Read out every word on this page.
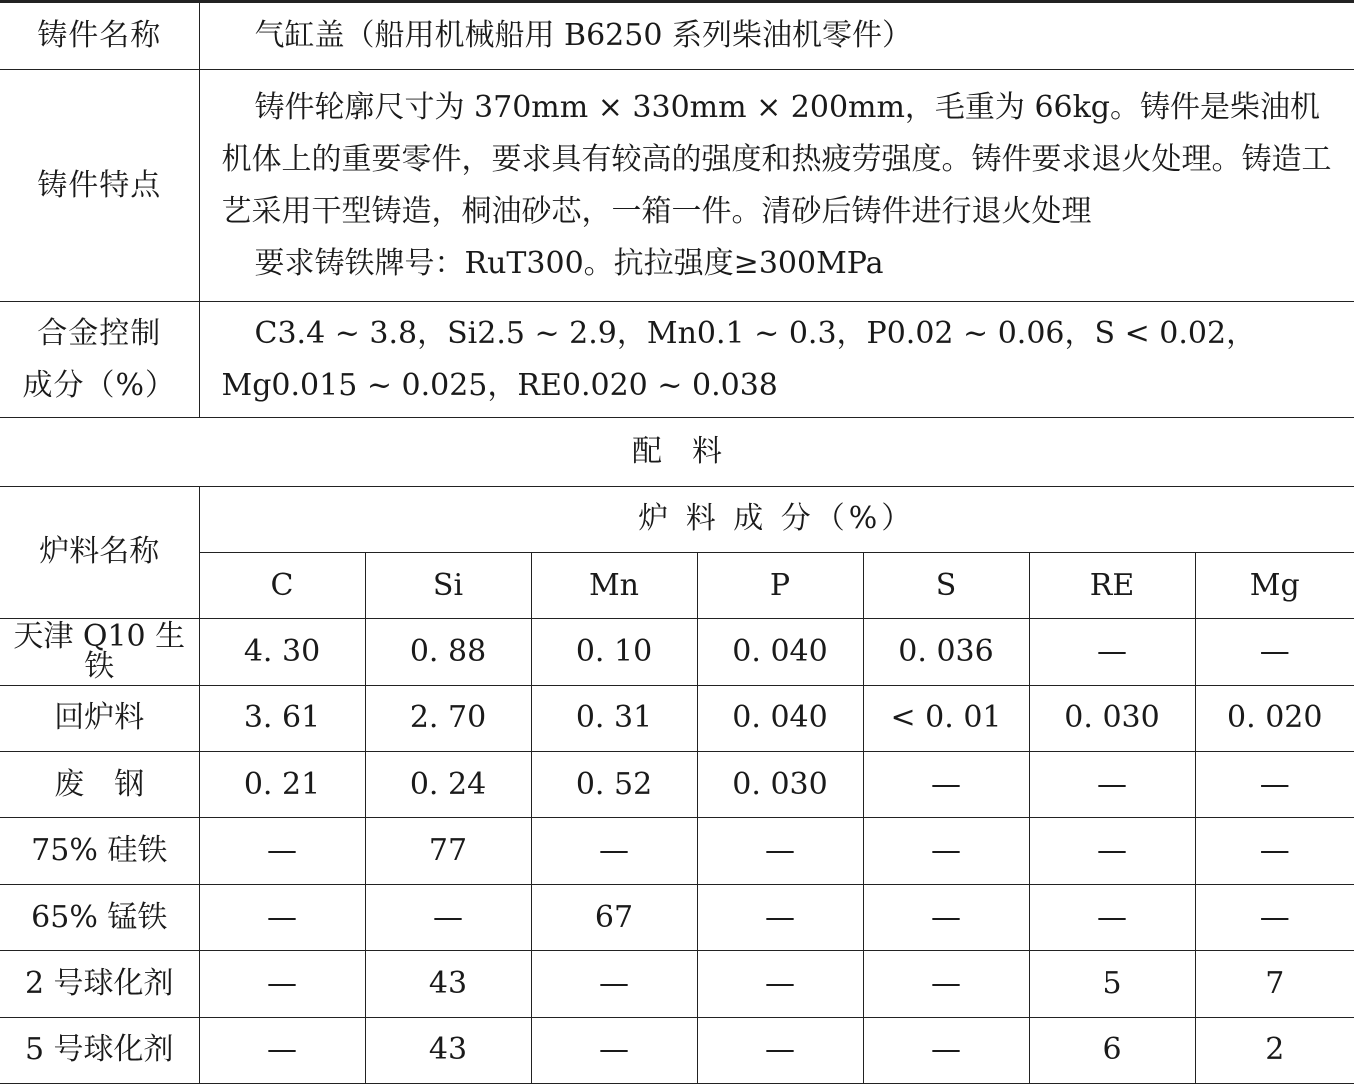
铸件名称	气缸盖（船用机械船用 B6250 系列柴油机零件）
铸件特点	铸件轮廓尺寸为 370mm × 330mm × 200mm，毛重为 66kg。铸件是柴油机机体上的重要零件，要求具有较高的强度和热疲劳强度。铸件要求退火处理。铸造工艺采用干型铸造，桐油砂芯，一箱一件。清砂后铸件进行退火处理
要求铸铁牌号：RuT300。抗拉强度≥300MPa

合金控制
成分（%）	C3.4 ~ 3.8，Si2.5 ~ 2.9，Mn0.1 ~ 0.3，P0.02 ~ 0.06，S < 0.02，Mg0.015 ~ 0.025，RE0.020 ~ 0.038
配　料							
炉料名称	炉 料 成 分（%）						
	C	Si	Mn	P	S	RE	Mg
天津 Q10 生铁	4. 30	0. 88	0. 10	0. 040	0. 036	—	—
回炉料	3. 61	2. 70	0. 31	0. 040	< 0. 01	0. 030	0. 020
废　钢	0. 21	0. 24	0. 52	0. 030	—	—	—
75% 硅铁	—	77	—	—	—	—	—
65% 锰铁	—	—	67	—	—	—	—
2 号球化剂	—	43	—	—	—	5	7
5 号球化剂	—	43	—	—	—	6	2
